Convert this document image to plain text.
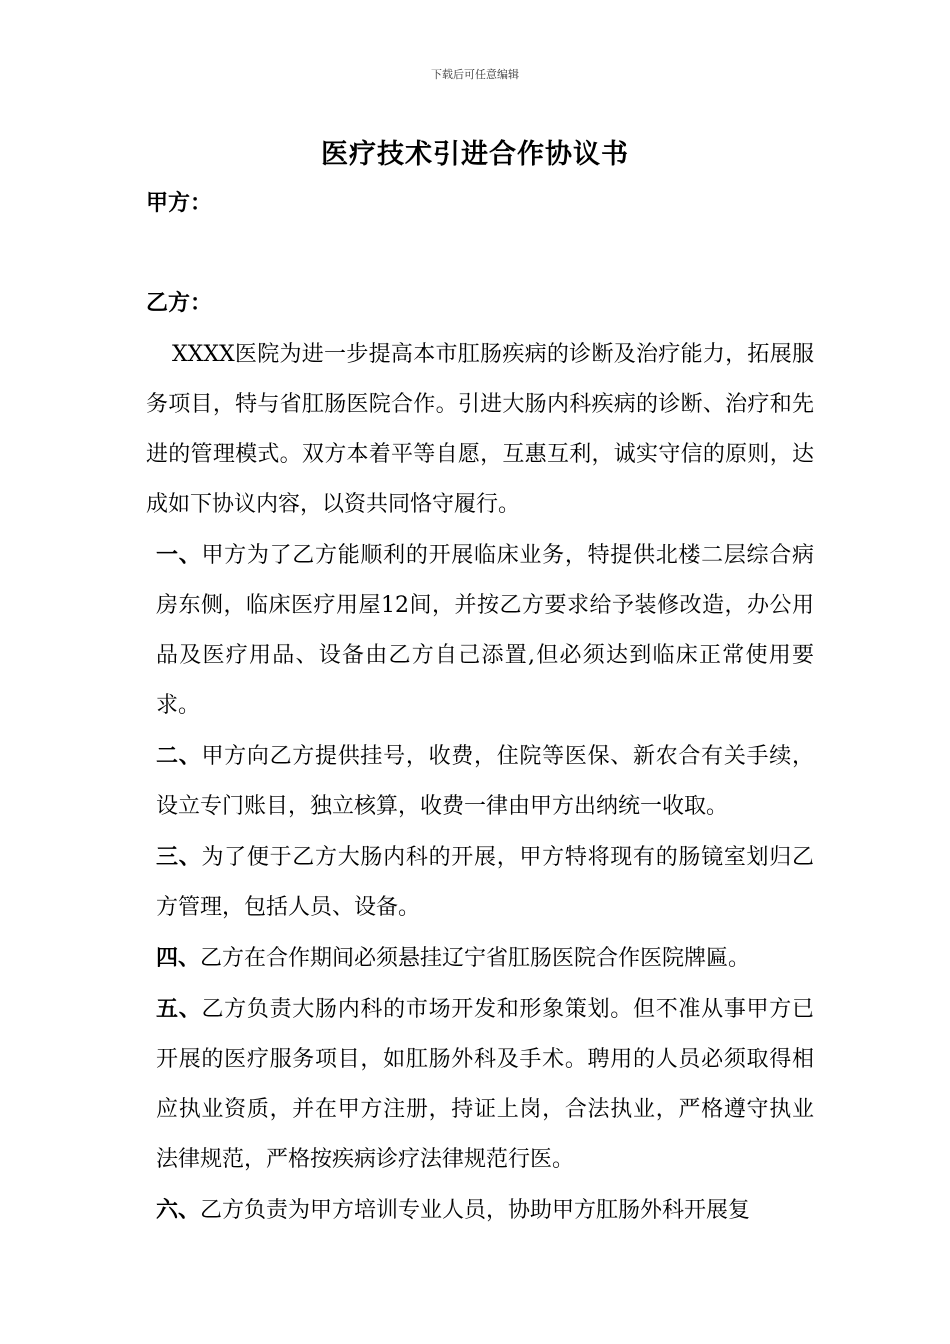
下载后可任意编辑
医疗技术引进合作协议书
甲方：
乙方：

XXXX医院为进一步提高本市肛肠疾病的诊断及治疗能力，拓展服务项目，特与省肛肠医院合作。引进大肠内科疾病的诊断、治疗和先进的管理模式。双方本着平等自愿，互惠互利，诚实守信的原则，达成如下协议内容，以资共同恪守履行。

一、甲方为了乙方能顺利的开展临床业务，特提供北楼二层综合病房东侧，临床医疗用屋12间，并按乙方要求给予装修改造，办公用品及医疗用品、设备由乙方自己添置,但必须达到临床正常使用要求。

二、甲方向乙方提供挂号，收费，住院等医保、新农合有关手续，设立专门账目，独立核算，收费一律由甲方出纳统一收取。

三、为了便于乙方大肠内科的开展，甲方特将现有的肠镜室划归乙方管理，包括人员、设备。

四、乙方在合作期间必须悬挂辽宁省肛肠医院合作医院牌匾。

五、乙方负责大肠内科的市场开发和形象策划。但不准从事甲方已开展的医疗服务项目，如肛肠外科及手术。聘用的人员必须取得相应执业资质，并在甲方注册，持证上岗，合法执业，严格遵守执业法律规范，严格按疾病诊疗法律规范行医。

六、乙方负责为甲方培训专业人员，协助甲方肛肠外科开展复
